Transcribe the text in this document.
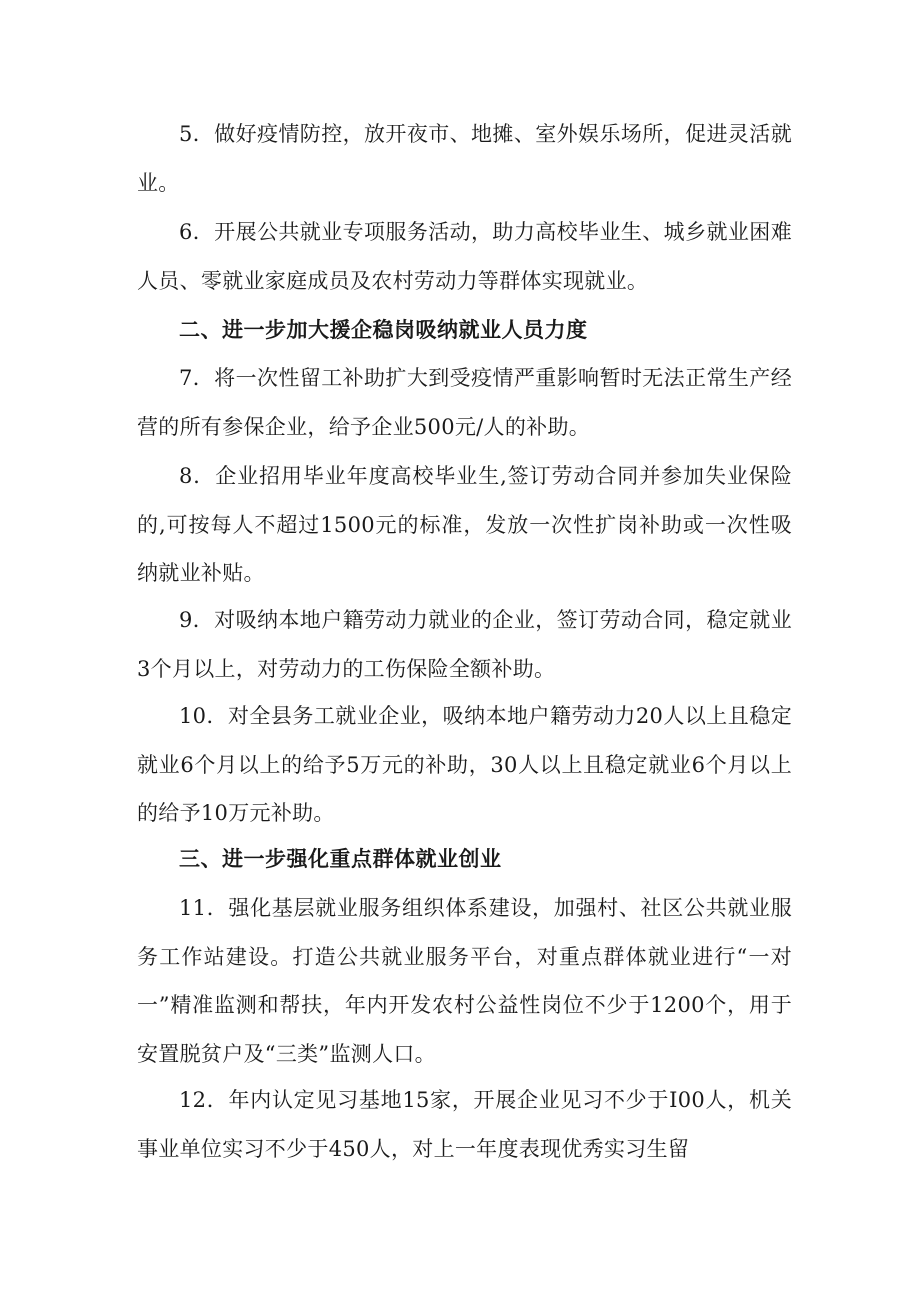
5．做好疫情防控，放开夜市、地摊、室外娱乐场所，促进灵活就业。

6．开展公共就业专项服务活动，助力高校毕业生、城乡就业困难人员、零就业家庭成员及农村劳动力等群体实现就业。

二、进一步加大援企稳岗吸纳就业人员力度

7．将一次性留工补助扩大到受疫情严重影响暂时无法正常生产经营的所有参保企业，给予企业500元/人的补助。

8．企业招用毕业年度高校毕业生,签订劳动合同并参加失业保险的,可按每人不超过1500元的标准，发放一次性扩岗补助或一次性吸纳就业补贴。

9．对吸纳本地户籍劳动力就业的企业，签订劳动合同，稳定就业3个月以上，对劳动力的工伤保险全额补助。

10．对全县务工就业企业，吸纳本地户籍劳动力20人以上且稳定就业6个月以上的给予5万元的补助，30人以上且稳定就业6个月以上的给予10万元补助。

三、进一步强化重点群体就业创业

11．强化基层就业服务组织体系建设，加强村、社区公共就业服务工作站建设。打造公共就业服务平台，对重点群体就业进行“一对一”精准监测和帮扶，年内开发农村公益性岗位不少于1200个，用于安置脱贫户及“三类”监测人口。

12．年内认定见习基地15家，开展企业见习不少于I00人，机关事业单位实习不少于450人，对上一年度表现优秀实习生留
